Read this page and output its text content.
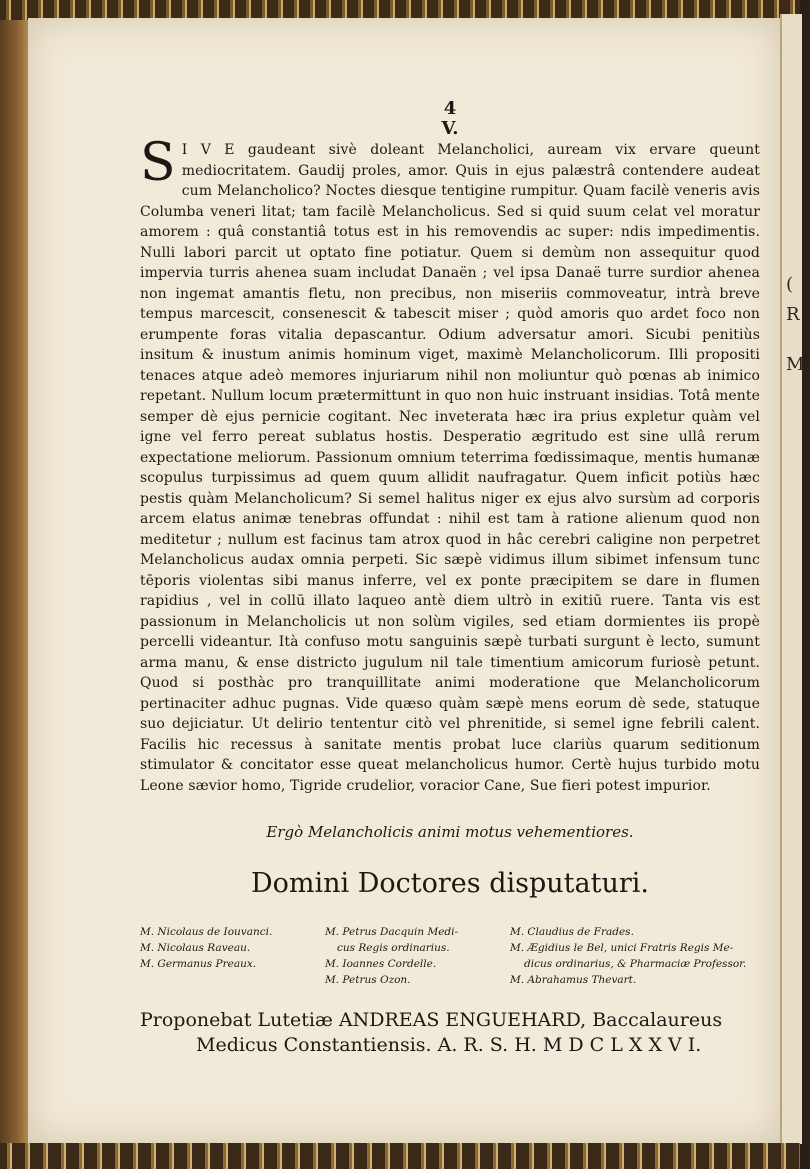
(
R
M.

4

V.

S I V E gaudeant sivè doleant Melancholici, auream vix ervare queunt mediocritatem. Gaudij proles, amor. Quis in ejus palæstrâ contendere audeat cum Melancholico? Noctes diesque tentigine rumpitur. Quam facilè veneris avis Columba veneri litat; tam facilè Melancholicus. Sed si quid suum celat vel moratur amorem : quâ constantiâ totus est in his removendis ac super: ndis impedimentis. Nulli labori parcit ut optato fine potiatur. Quem si demùm non assequitur quod impervia turris ahenea suam includat Danaën ; vel ipsa Danaë turre surdior ahenea non ingemat amantis fletu, non precibus, non miseriis commoveatur, intrà breve tempus marcescit, consenescit & tabescit miser ; quòd amoris quo ardet foco non erumpente foras vitalia depascantur. Odium adversatur amori. Sicubi penitiùs insitum & inustum animis hominum viget, maximè Melancholicorum. Illi propositi tenaces atque adeò memores injuriarum nihil non moliuntur quò pœnas ab inimico repetant. Nullum locum prætermittunt in quo non huic instruant insidias. Totâ mente semper dè ejus pernicie cogitant. Nec inveterata hæc ira prius expletur quàm vel igne vel ferro pereat sublatus hostis. Desperatio ægritudo est sine ullâ rerum expectatione meliorum. Passionum omnium teterrima fœdissimaque, mentis humanæ scopulus turpissimus ad quem quum allidit naufragatur. Quem inficit potiùs hæc pestis quàm Melancholicum? Si semel halitus niger ex ejus alvo sursùm ad corporis arcem elatus animæ tenebras offundat : nihil est tam à ratione alienum quod non meditetur ; nullum est facinus tam atrox quod in hâc cerebri caligine non perpetret Melancholicus audax omnia perpeti. Sic sæpè vidimus illum sibimet infensum tunc tēporis violentas sibi manus inferre, vel ex ponte præcipitem se dare in flumen rapidius , vel in collū illato laqueo antè diem ultrò in exitiū ruere. Tanta vis est passionum in Melancholicis ut non solùm vigiles, sed etiam dormientes iis propè percelli videantur. Ità confuso motu sanguinis sæpè turbati surgunt è lecto, sumunt arma manu, & ense districto jugulum nil tale timentium amicorum furiosè petunt. Quod si posthàc pro tranquillitate animi moderatione que Melancholicorum pertinaciter adhuc pugnas. Vide quæso quàm sæpè mens eorum dè sede, statuque suo dejiciatur. Ut delirio tententur citò vel phrenitide, si semel igne febrili calent. Facilis hic recessus à sanitate mentis probat luce clariùs quarum seditionum stimulator & concitator esse queat melancholicus humor. Certè hujus turbido motu Leone sævior homo, Tigride crudelior, voracior Cane, Sue fieri potest impurior.

Ergò Melancholicis animi motus vehementiores.

Domini Doctores disputaturi.

M. Nicolaus de Iouvanci.
M. Nicolaus Raveau.
M. Germanus Preaux.
M. Petrus Dacquin Medi-
cus Regis ordinarius.
M. Ioannes Cordelle.
M. Petrus Ozon.
M. Claudius de Frades.
M. Ægidius le Bel, unici Fratris Regis Me-
dicus ordinarius, & Pharmaciæ Professor.
M. Abrahamus Thevart.

Proponebat Lutetiæ ANDREAS ENGUEHARD, Baccalaureus
Medicus Constantiensis. A. R. S. H. M D C L X X V I.
